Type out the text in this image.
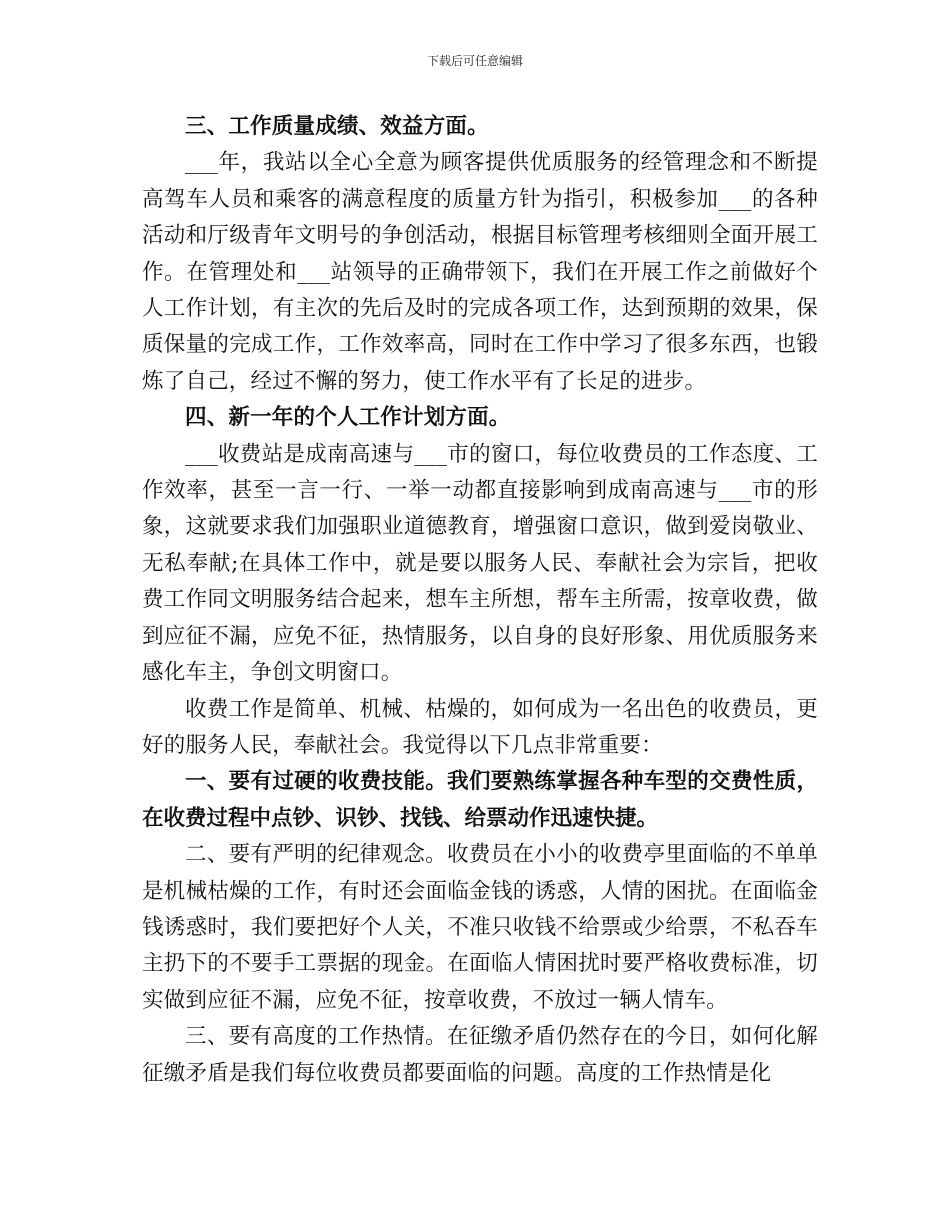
下载后可任意编辑

三、工作质量成绩、效益方面。

___年，我站以全心全意为顾客提供优质服务的经管理念和不断提高驾车人员和乘客的满意程度的质量方针为指引，积极参加___的各种活动和厅级青年文明号的争创活动，根据目标管理考核细则全面开展工作。在管理处和___站领导的正确带领下，我们在开展工作之前做好个人工作计划，有主次的先后及时的完成各项工作，达到预期的效果，保质保量的完成工作，工作效率高，同时在工作中学习了很多东西，也锻炼了自己，经过不懈的努力，使工作水平有了长足的进步。

四、新一年的个人工作计划方面。

___收费站是成南高速与___市的窗口，每位收费员的工作态度、工作效率，甚至一言一行、一举一动都直接影响到成南高速与___市的形象，这就要求我们加强职业道德教育，增强窗口意识，做到爱岗敬业、无私奉献;在具体工作中，就是要以服务人民、奉献社会为宗旨，把收费工作同文明服务结合起来，想车主所想，帮车主所需，按章收费，做到应征不漏，应免不征，热情服务，以自身的良好形象、用优质服务来感化车主，争创文明窗口。

收费工作是简单、机械、枯燥的，如何成为一名出色的收费员，更好的服务人民，奉献社会。我觉得以下几点非常重要：

一、要有过硬的收费技能。我们要熟练掌握各种车型的交费性质，在收费过程中点钞、识钞、找钱、给票动作迅速快捷。

二、要有严明的纪律观念。收费员在小小的收费亭里面临的不单单是机械枯燥的工作，有时还会面临金钱的诱惑，人情的困扰。在面临金钱诱惑时，我们要把好个人关，不准只收钱不给票或少给票，不私吞车主扔下的不要手工票据的现金。在面临人情困扰时要严格收费标准，切实做到应征不漏，应免不征，按章收费，不放过一辆人情车。

三、要有高度的工作热情。在征缴矛盾仍然存在的今日，如何化解征缴矛盾是我们每位收费员都要面临的问题。高度的工作热情是化
